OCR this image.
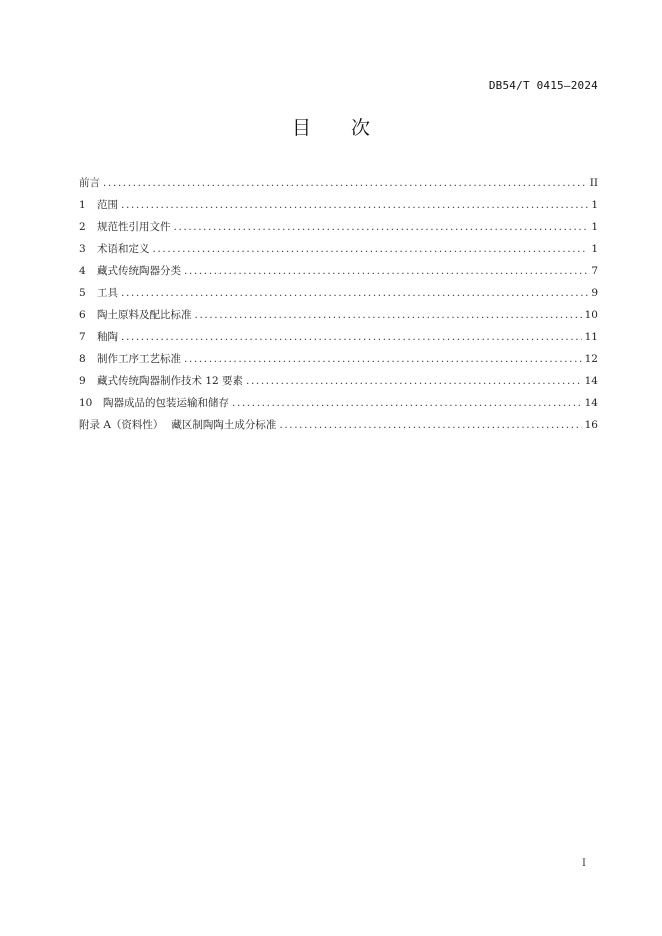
DB54/T 0415—2024
目次
前言 .....	II
1	范围 .....	1
2	规范性引用文件 .....	1
3	术语和定义 .....	1
4	藏式传统陶器分类 .....	7
5	工具 .....	9
6	陶土原料及配比标准 .....	10
7	釉陶 .....	11
8	制作工序工艺标准 .....	12
9	藏式传统陶器制作技术 12 要素 .....	14
10	陶器成品的包装运输和储存 .....	14
附录 A（资料性） 藏区制陶陶土成分标准 .....	16
I
